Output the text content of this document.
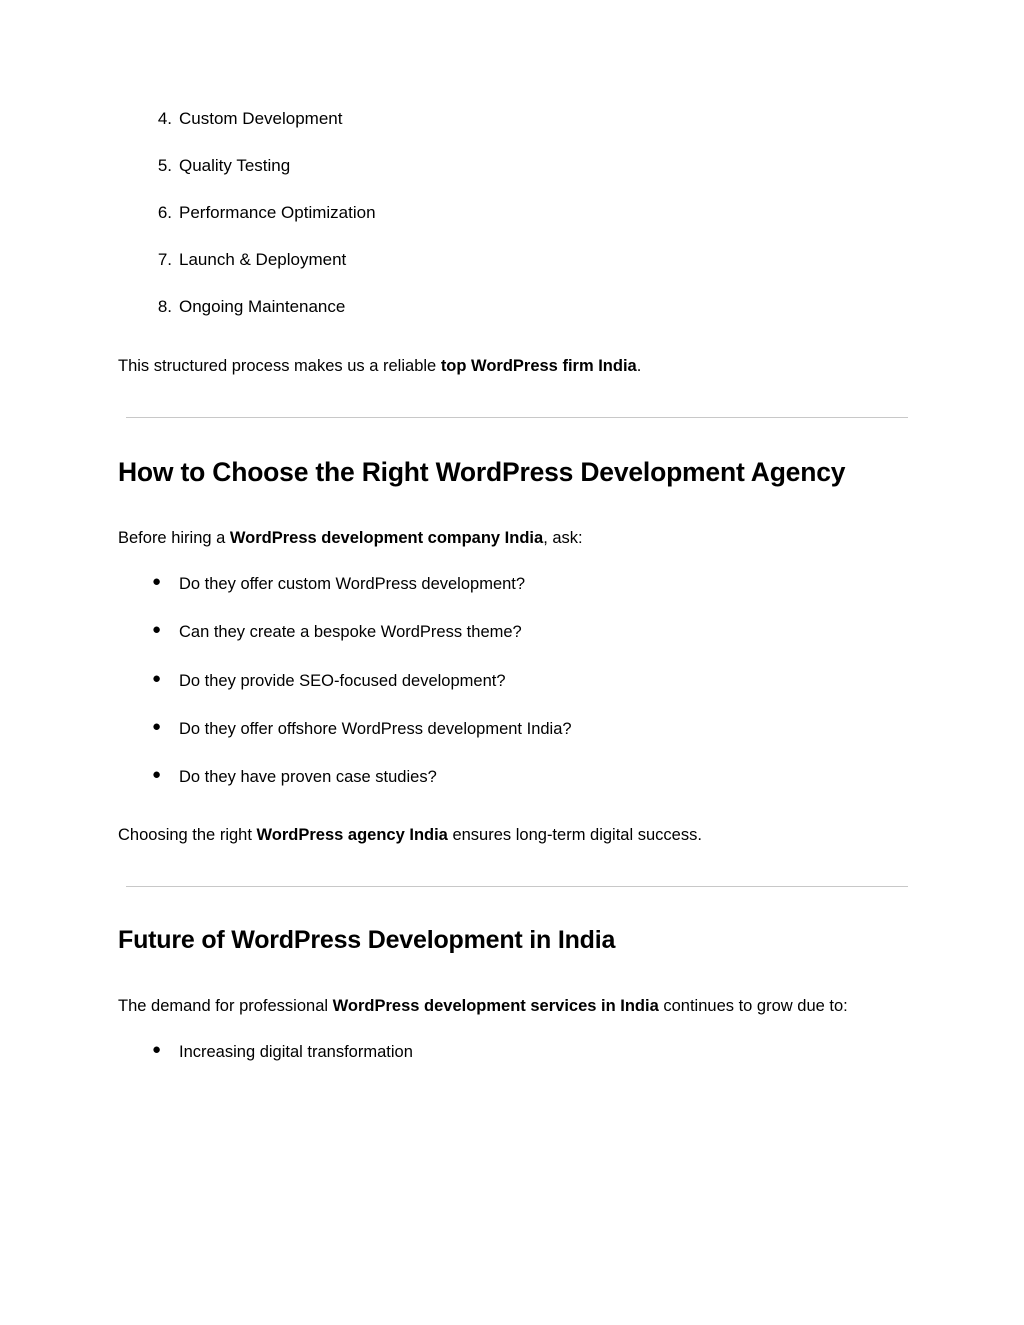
4. Custom Development
5. Quality Testing
6. Performance Optimization
7. Launch & Deployment
8. Ongoing Maintenance

This structured process makes us a reliable top WordPress firm India.

How to Choose the Right WordPress Development Agency

Before hiring a WordPress development company India, ask:

● Do they offer custom WordPress development?
● Can they create a bespoke WordPress theme?
● Do they provide SEO-focused development?
● Do they offer offshore WordPress development India?
● Do they have proven case studies?

Choosing the right WordPress agency India ensures long-term digital success.

Future of WordPress Development in India

The demand for professional WordPress development services in India continues to grow due to:

● Increasing digital transformation
